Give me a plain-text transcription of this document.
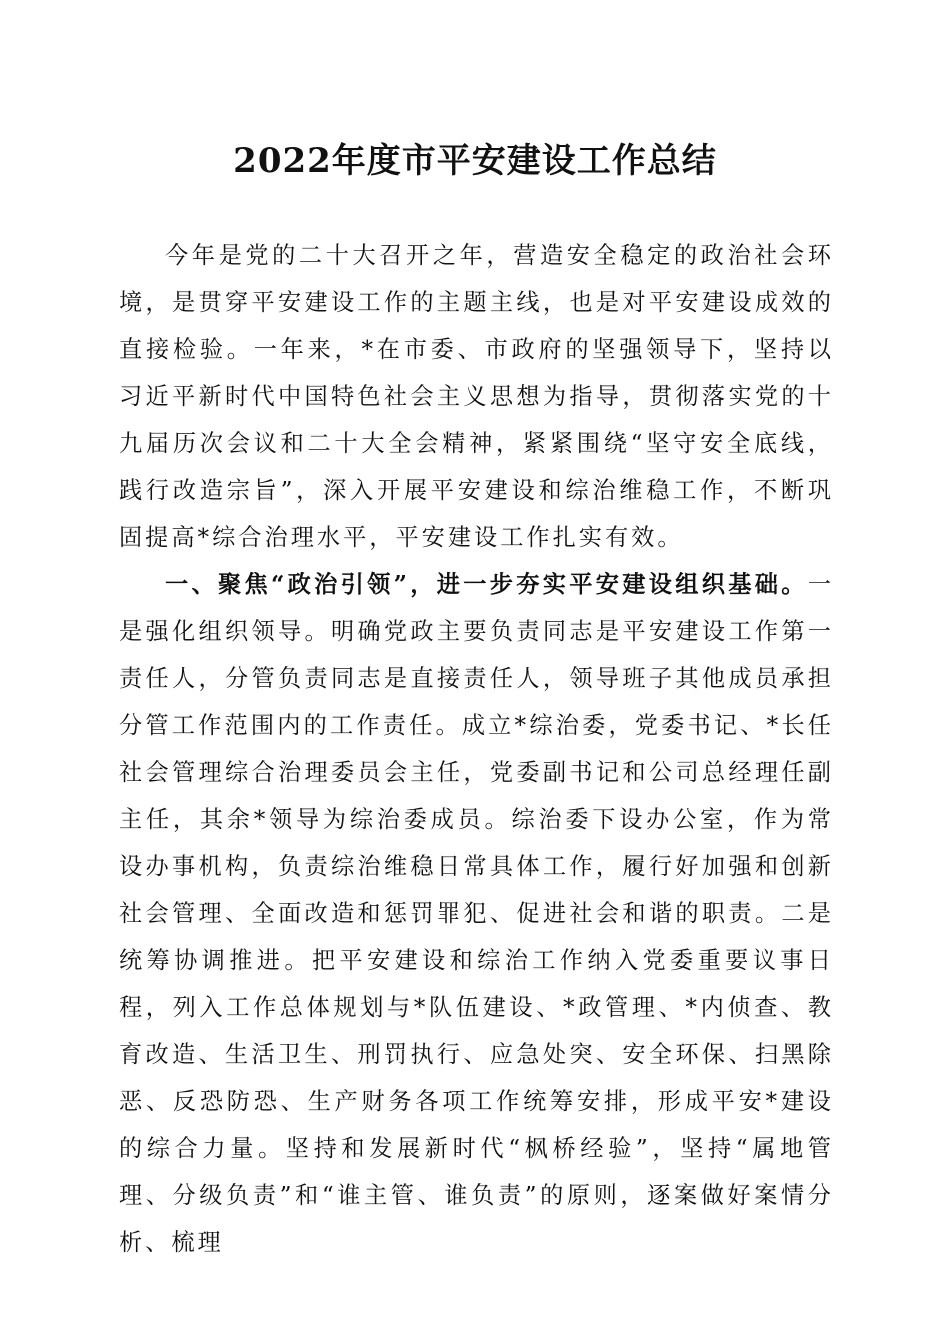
2022年度市平安建设工作总结

今年是党的二十大召开之年，营造安全稳定的政治社会环境，是贯穿平安建设工作的主题主线，也是对平安建设成效的直接检验。一年来，*在市委、市政府的坚强领导下，坚持以习近平新时代中国特色社会主义思想为指导，贯彻落实党的十九届历次会议和二十大全会精神，紧紧围绕“坚守安全底线，践行改造宗旨”，深入开展平安建设和综治维稳工作，不断巩固提高*综合治理水平，平安建设工作扎实有效。

一、聚焦“政治引领”，进一步夯实平安建设组织基础。一是强化组织领导。明确党政主要负责同志是平安建设工作第一责任人，分管负责同志是直接责任人，领导班子其他成员承担分管工作范围内的工作责任。成立*综治委，党委书记、*长任社会管理综合治理委员会主任，党委副书记和公司总经理任副主任，其余*领导为综治委成员。综治委下设办公室，作为常设办事机构，负责综治维稳日常具体工作，履行好加强和创新社会管理、全面改造和惩罚罪犯、促进社会和谐的职责。二是统筹协调推进。把平安建设和综治工作纳入党委重要议事日程，列入工作总体规划与*队伍建设、*政管理、*内侦查、教育改造、生活卫生、刑罚执行、应急处突、安全环保、扫黑除恶、反恐防恐、生产财务各项工作统筹安排，形成平安*建设的综合力量。坚持和发展新时代“枫桥经验”，坚持“属地管理、分级负责”和“谁主管、谁负责”的原则，逐案做好案情分析、梳理
